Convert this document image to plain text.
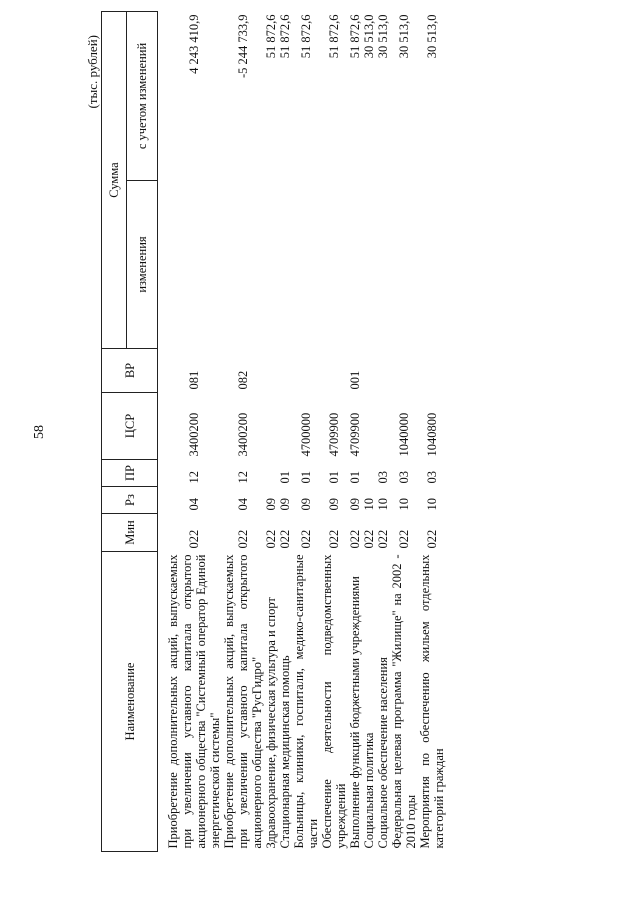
58
(тыс. рублей)
Наименование	Мин	Рз	ПР	ЦСР	ВР	Сумма	
						изменения	с учетом изменений
Приобретение дополнительных акций, выпускаемых при увеличении уставного капитала открытого акционерного общества "Системный оператор Единой энергетической системы"	022	04	12	3400200	081		4 243 410,9
Приобретение дополнительных акций, выпускаемых при увеличении уставного капитала открытого акционерного общества "РусГидро"	022	04	12	3400200	082		-5 244 733,9
Здравоохранение, физическая культура и спорт	022	09					51 872,6
Стационарная медицинская помощь	022	09	01				51 872,6
Больницы, клиники, госпитали, медико-санитарные части	022	09	01	4700000			51 872,6
Обеспечение деятельности подведомственных учреждений	022	09	01	4709900			51 872,6
Выполнение функций бюджетными учреждениями	022	09	01	4709900	001		51 872,6
Социальная политика	022	10					30 513,0
Социальное обеспечение населения	022	10	03				30 513,0
Федеральная целевая программа "Жилище" на 2002 - 2010 годы	022	10	03	1040000			30 513,0
Мероприятия по обеспечению жильем отдельных категорий граждан	022	10	03	1040800			30 513,0
